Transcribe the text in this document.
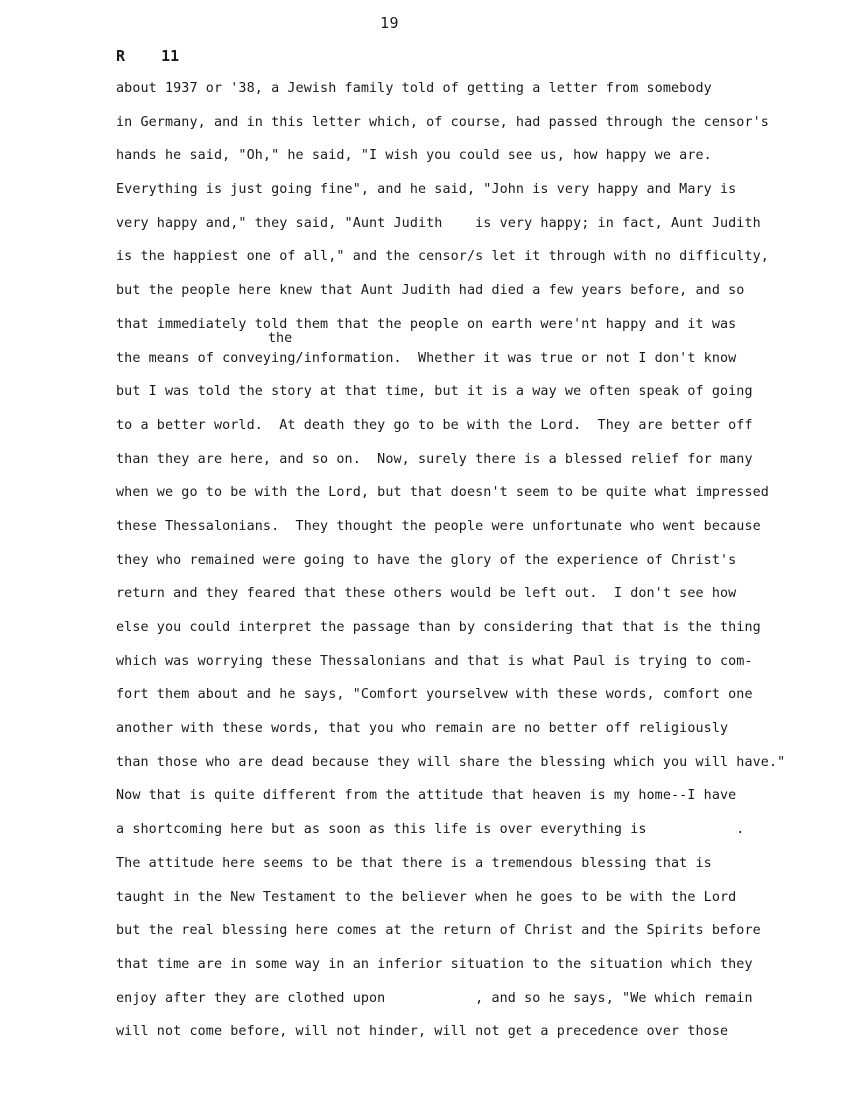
19
R    11
the
about 1937 or '38, a Jewish family told of getting a letter from somebody
in Germany, and in this letter which, of course, had passed through the censor's
hands he said, "Oh," he said, "I wish you could see us, how happy we are.
Everything is just going fine", and he said, "John is very happy and Mary is
very happy and," they said, "Aunt Judith    is very happy; in fact, Aunt Judith
is the happiest one of all," and the censor/s let it through with no difficulty,
but the people here knew that Aunt Judith had died a few years before, and so
that immediately told them that the people on earth were'nt happy and it was
the means of conveying/information.  Whether it was true or not I don't know
but I was told the story at that time, but it is a way we often speak of going
to a better world.  At death they go to be with the Lord.  They are better off
than they are here, and so on.  Now, surely there is a blessed relief for many
when we go to be with the Lord, but that doesn't seem to be quite what impressed
these Thessalonians.  They thought the people were unfortunate who went because
they who remained were going to have the glory of the experience of Christ's
return and they feared that these others would be left out.  I don't see how
else you could interpret the passage than by considering that that is the thing
which was worrying these Thessalonians and that is what Paul is trying to com-
fort them about and he says, "Comfort yourselvew with these words, comfort one
another with these words, that you who remain are no better off religiously
than those who are dead because they will share the blessing which you will have."
Now that is quite different from the attitude that heaven is my home--I have
a shortcoming here but as soon as this life is over everything is           .
The attitude here seems to be that there is a tremendous blessing that is
taught in the New Testament to the believer when he goes to be with the Lord
but the real blessing here comes at the return of Christ and the Spirits before
that time are in some way in an inferior situation to the situation which they
enjoy after they are clothed upon           , and so he says, "We which remain
will not come before, will not hinder, will not get a precedence over those
